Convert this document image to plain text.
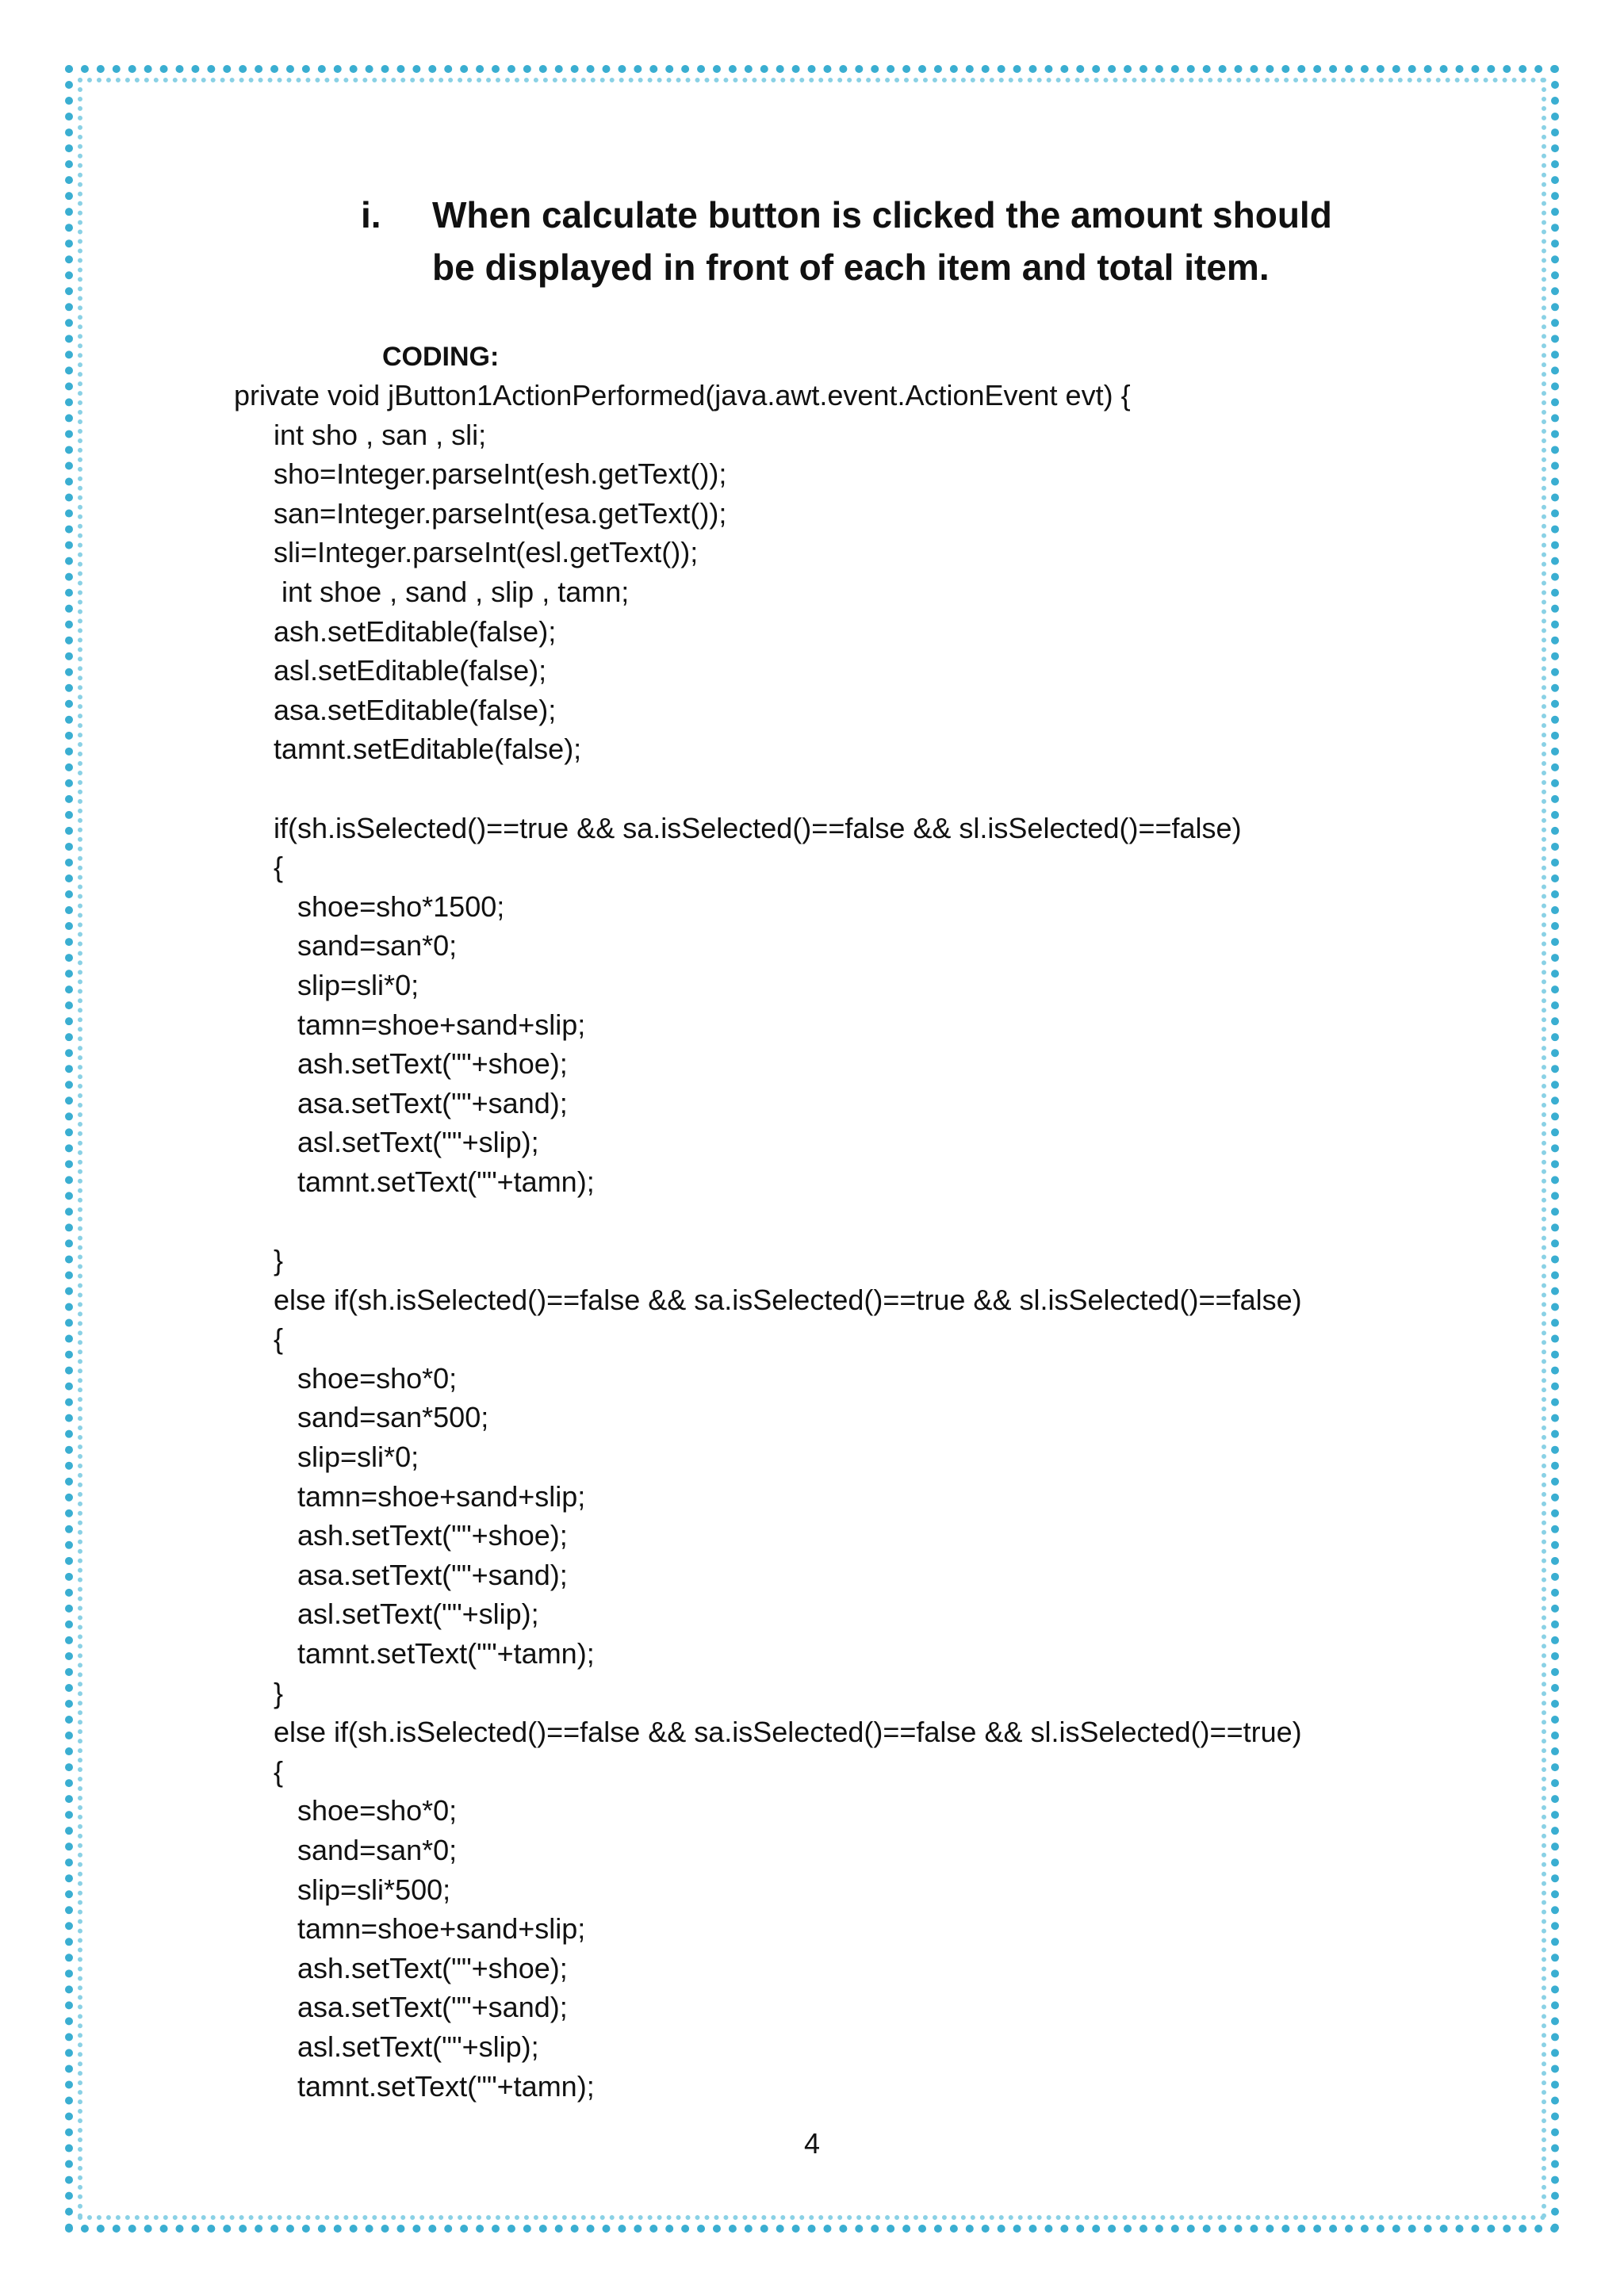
i. When calculate button is clicked the amount should be displayed in front of each item and total item.
CODING:
private void jButton1ActionPerformed(java.awt.event.ActionEvent evt) {
int sho , san , sli;
sho=Integer.parseInt(esh.getText());
san=Integer.parseInt(esa.getText());
sli=Integer.parseInt(esl.getText());
int shoe , sand , slip , tamn;
ash.setEditable(false);
asl.setEditable(false);
asa.setEditable(false);
tamnt.setEditable(false);
if(sh.isSelected()==true && sa.isSelected()==false && sl.isSelected()==false)
{
shoe=sho*1500;
sand=san*0;
slip=sli*0;
tamn=shoe+sand+slip;
ash.setText(""+shoe);
asa.setText(""+sand);
asl.setText(""+slip);
tamnt.setText(""+tamn);
}
else if(sh.isSelected()==false && sa.isSelected()==true && sl.isSelected()==false)
{
shoe=sho*0;
sand=san*500;
slip=sli*0;
tamn=shoe+sand+slip;
ash.setText(""+shoe);
asa.setText(""+sand);
asl.setText(""+slip);
tamnt.setText(""+tamn);
}
else if(sh.isSelected()==false && sa.isSelected()==false && sl.isSelected()==true)
{
shoe=sho*0;
sand=san*0;
slip=sli*500;
tamn=shoe+sand+slip;
ash.setText(""+shoe);
asa.setText(""+sand);
asl.setText(""+slip);
tamnt.setText(""+tamn);
4
